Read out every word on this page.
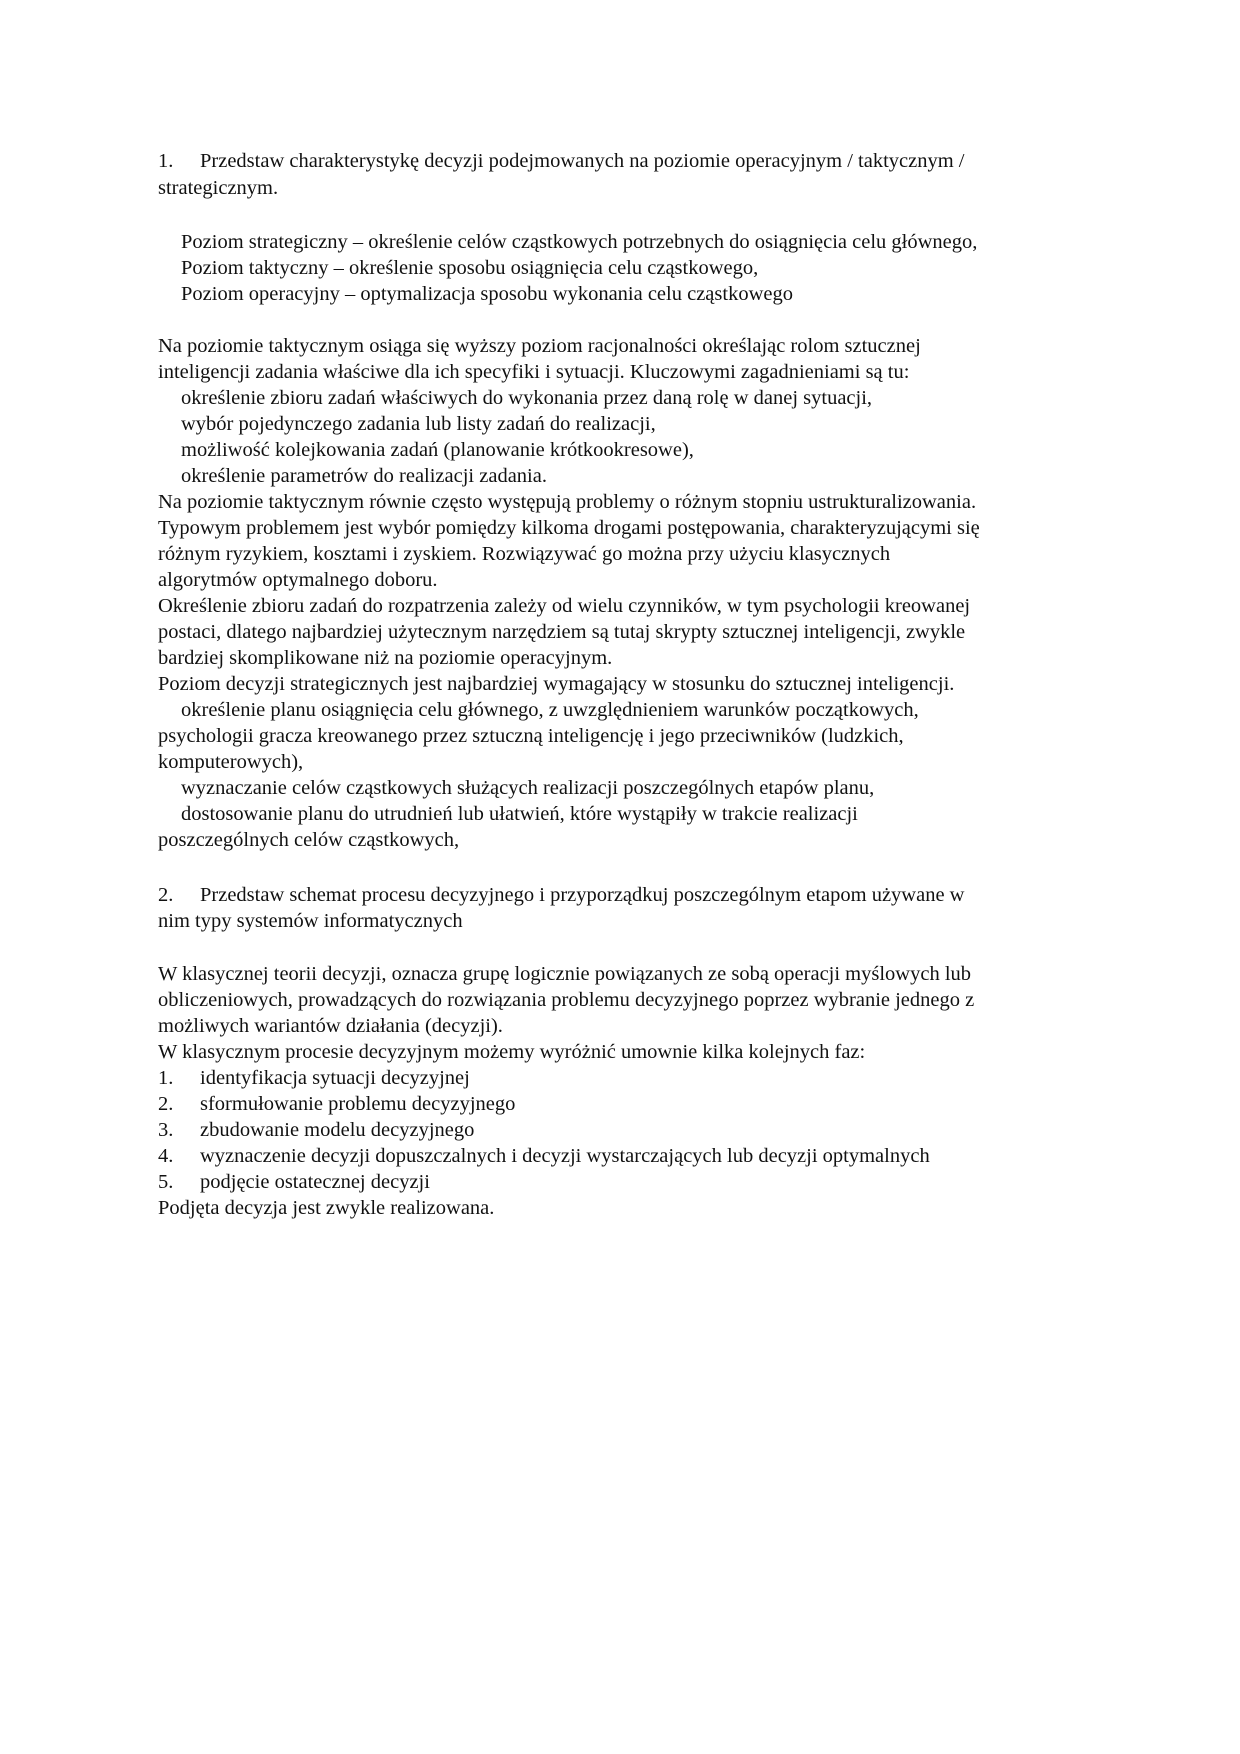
1. Przedstaw charakterystykę decyzji podejmowanych na poziomie operacyjnym / taktycznym /
strategicznym.
Poziom strategiczny – określenie celów cząstkowych potrzebnych do osiągnięcia celu głównego,
Poziom taktyczny – określenie sposobu osiągnięcia celu cząstkowego,
Poziom operacyjny – optymalizacja sposobu wykonania celu cząstkowego
Na poziomie taktycznym osiąga się wyższy poziom racjonalności określając rolom sztucznej
inteligencji zadania właściwe dla ich specyfiki i sytuacji. Kluczowymi zagadnieniami są tu:
określenie zbioru zadań właściwych do wykonania przez daną rolę w danej sytuacji,
wybór pojedynczego zadania lub listy zadań do realizacji,
możliwość kolejkowania zadań (planowanie krótkookresowe),
określenie parametrów do realizacji zadania.
Na poziomie taktycznym równie często występują problemy o różnym stopniu ustrukturalizowania.
Typowym problemem jest wybór pomiędzy kilkoma drogami postępowania, charakteryzującymi się
różnym ryzykiem, kosztami i zyskiem. Rozwiązywać go można przy użyciu klasycznych
algorytmów optymalnego doboru.
Określenie zbioru zadań do rozpatrzenia zależy od wielu czynników, w tym psychologii kreowanej
postaci, dlatego najbardziej użytecznym narzędziem są tutaj skrypty sztucznej inteligencji, zwykle
bardziej skomplikowane niż na poziomie operacyjnym.
Poziom decyzji strategicznych jest najbardziej wymagający w stosunku do sztucznej inteligencji.
określenie planu osiągnięcia celu głównego, z uwzględnieniem warunków początkowych,
psychologii gracza kreowanego przez sztuczną inteligencję i jego przeciwników (ludzkich,
komputerowych),
wyznaczanie celów cząstkowych służących realizacji poszczególnych etapów planu,
dostosowanie planu do utrudnień lub ułatwień, które wystąpiły w trakcie realizacji
poszczególnych celów cząstkowych,
2. Przedstaw schemat procesu decyzyjnego i przyporządkuj poszczególnym etapom używane w
nim typy systemów informatycznych
W klasycznej teorii decyzji, oznacza grupę logicznie powiązanych ze sobą operacji myślowych lub
obliczeniowych, prowadzących do rozwiązania problemu decyzyjnego poprzez wybranie jednego z
możliwych wariantów działania (decyzji).
W klasycznym procesie decyzyjnym możemy wyróżnić umownie kilka kolejnych faz:
1. identyfikacja sytuacji decyzyjnej
2. sformułowanie problemu decyzyjnego
3. zbudowanie modelu decyzyjnego
4. wyznaczenie decyzji dopuszczalnych i decyzji wystarczających lub decyzji optymalnych
5. podjęcie ostatecznej decyzji
Podjęta decyzja jest zwykle realizowana.
